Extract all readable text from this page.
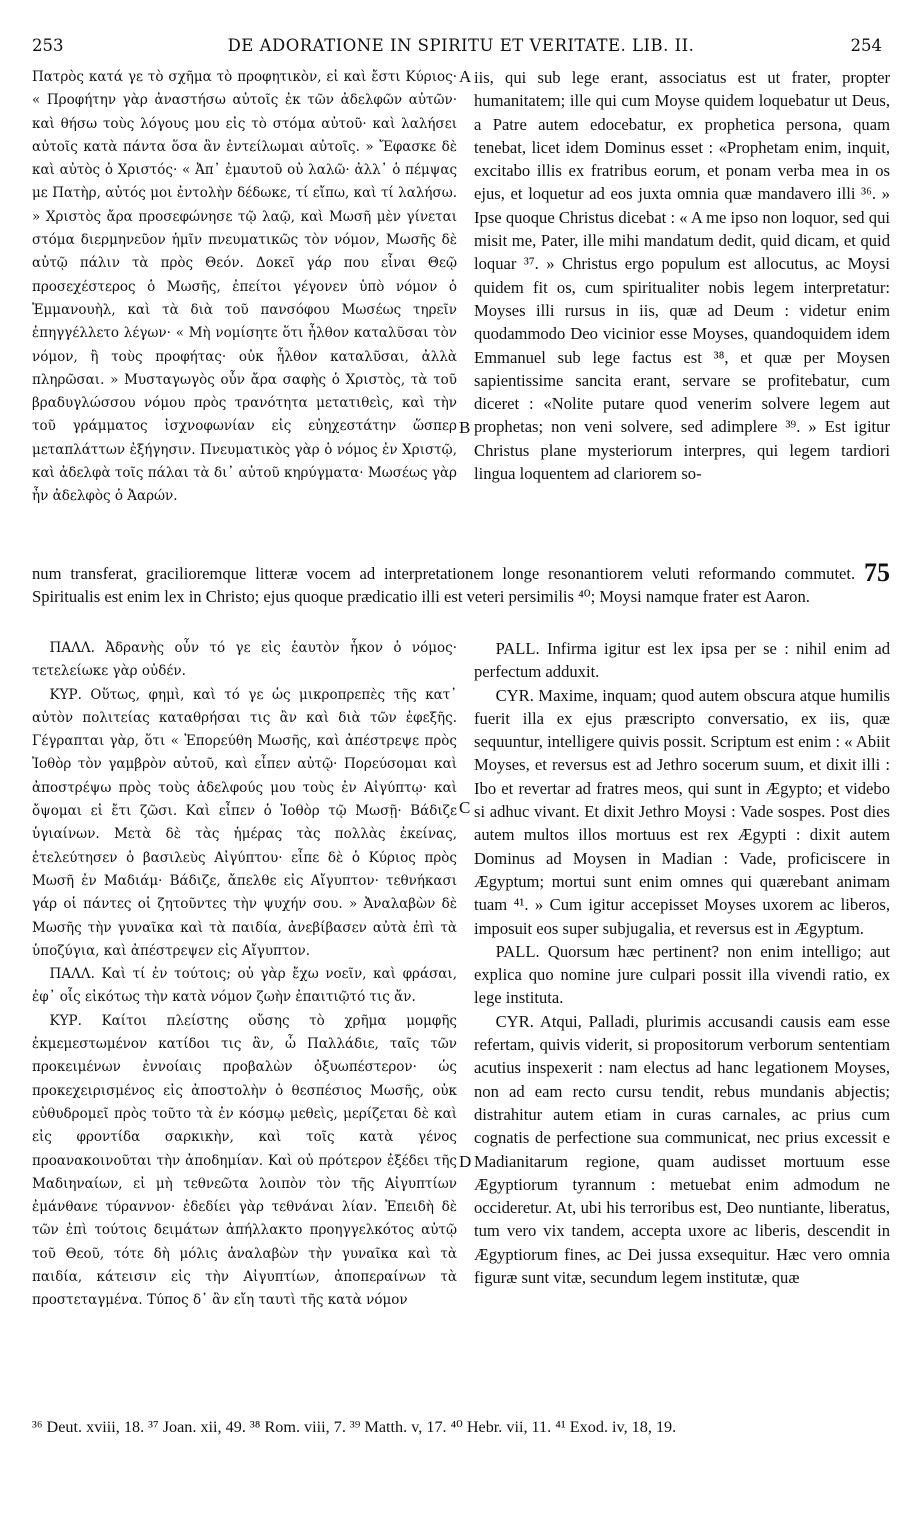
253	DE ADORATIONE IN SPIRITU ET VERITATE. LIB. II.	254

Πατρὸς κατά γε τὸ σχῆμα τὸ προφητικὸν, εἰ καὶ ἔστι Κύριος· « Προφήτην γὰρ ἀναστήσω αὐτοῖς ἐκ τῶν ἀδελφῶν αὐτῶν· καὶ θήσω τοὺς λόγους μου εἰς τὸ στόμα αὐτοῦ· καὶ λαλήσει αὐτοῖς κατὰ πάντα ὅσα ἂν ἐντείλωμαι αὐτοῖς. » Ἔφασκε δὲ καὶ αὐτὸς ὁ Χριστός· « Ἀπ᾽ ἐμαυτοῦ οὐ λαλῶ· ἀλλ᾽ ὁ πέμψας με Πατὴρ, αὐτός μοι ἐντολὴν δέδωκε, τί εἴπω, καὶ τί λαλήσω. » Χριστὸς ἄρα προσεφώνησε τῷ λαῷ, καὶ Μωσῆ μὲν γίνεται στόμα διερμηνεῦον ἡμῖν πνευματικῶς τὸν νόμον, Μωσῆς δὲ αὐτῷ πάλιν τὰ πρὸς Θεόν. Δοκεῖ γάρ που εἶναι Θεῷ προσεχέστερος ὁ Μωσῆς, ἐπείτοι γέγονεν ὑπὸ νόμον ὁ Ἐμμανουὴλ, καὶ τὰ διὰ τοῦ πανσόφου Μωσέως τηρεῖν ἐπηγγέλλετο λέγων· « Μὴ νομίσητε ὅτι ἦλθον καταλῦσαι τὸν νόμον, ἢ τοὺς προφήτας· οὐκ ἦλθον καταλῦσαι, ἀλλὰ πληρῶσαι. » Μυσταγωγὸς οὖν ἄρα σαφὴς ὁ Χριστὸς, τὰ τοῦ βραδυγλώσσου νόμου πρὸς τρανότητα μετατιθεὶς, καὶ τὴν τοῦ γράμματος ἰσχνοφωνίαν εἰς εὐηχεστάτην ὥσπερ μεταπλάττων ἐξήγησιν. Πνευματικὸς γὰρ ὁ νόμος ἐν Χριστῷ, καὶ ἀδελφὰ τοῖς πάλαι τὰ δι᾽ αὐτοῦ κηρύγματα· Μωσέως γὰρ ἦν ἀδελφὸς ὁ Ἀαρών.

iis, qui sub lege erant, associatus est ut frater, propter humanitatem; ille qui cum Moyse quidem loquebatur ut Deus, a Patre autem edocebatur, ex prophetica persona, quam tenebat, licet idem Dominus esset : «Prophetam enim, inquit, excitabo illis ex fratribus eorum, et ponam verba mea in os ejus, et loquetur ad eos juxta omnia quæ mandavero illi ³⁶. » Ipse quoque Christus dicebat : « A me ipso non loquor, sed qui misit me, Pater, ille mihi mandatum dedit, quid dicam, et quid loquar ³⁷. » Christus ergo populum est allocutus, ac Moysi quidem fit os, cum spiritualiter nobis legem interpretatur: Moyses illi rursus in iis, quæ ad Deum : videtur enim quodammodo Deo vicinior esse Moyses, quandoquidem idem Emmanuel sub lege factus est ³⁸, et quæ per Moysen sapientissime sancita erant, servare se profitebatur, cum diceret : «Nolite putare quod venerim solvere legem aut prophetas; non veni solvere, sed adimplere ³⁹. » Est igitur Christus plane mysteriorum interpres, qui legem tardiori lingua loquentem ad clariorem so-

num transferat, gracilioremque litteræ vocem ad interpretationem longe resonantiorem veluti reformando commutet. 75 Spiritualis est enim lex in Christo; ejus quoque prædicatio illi est veteri persimilis ⁴⁰; Moysi namque frater est Aaron.

ΠΑΛΛ. Ἀδρανὴς οὖν τό γε εἰς ἑαυτὸν ἧκον ὁ νόμος· τετελείωκε γὰρ οὐδέν.

ΚΥΡ. Οὕτως, φημὶ, καὶ τό γε ὡς μικροπρεπὲς τῆς κατ᾽ αὐτὸν πολιτείας καταθρήσαι τις ἂν καὶ διὰ τῶν ἐφεξῆς. Γέγραπται γὰρ, ὅτι « Ἐπορεύθη Μωσῆς, καὶ ἀπέστρεψε πρὸς Ἰοθὸρ τὸν γαμβρὸν αὐτοῦ, καὶ εἶπεν αὐτῷ· Πορεύσομαι καὶ ἀποστρέψω πρὸς τοὺς ἀδελφούς μου τοὺς ἐν Αἰγύπτῳ· καὶ ὄψομαι εἰ ἔτι ζῶσι. Καὶ εἶπεν ὁ Ἰοθὸρ τῷ Μωσῇ· Βάδιζε ὑγιαίνων. Μετὰ δὲ τὰς ἡμέρας τὰς πολλὰς ἐκείνας, ἐτελεύτησεν ὁ βασιλεὺς Αἰγύπτου· εἶπε δὲ ὁ Κύριος πρὸς Μωσῆ ἐν Μαδιάμ· Βάδιζε, ἄπελθε εἰς Αἴγυπτον· τεθνήκασι γάρ οἱ πάντες οἱ ζητοῦντες τὴν ψυχήν σου. » Ἀναλαβὼν δὲ Μωσῆς τὴν γυναῖκα καὶ τὰ παιδία, ἀνεβίβασεν αὐτὰ ἐπὶ τὰ ὑποζύγια, καὶ ἀπέστρεψεν εἰς Αἴγυπτον.

ΠΑΛΛ. Καὶ τί ἐν τούτοις; οὐ γὰρ ἔχω νοεῖν, καὶ φράσαι, ἐφ᾽ οἷς εἰκότως τὴν κατὰ νόμον ζωὴν ἐπαιτιῷτό τις ἄν.

ΚΥΡ. Καίτοι πλείστης οὔσης τὸ χρῆμα μομφῆς ἐκμεμεστωμένον κατίδοι τις ἂν, ὦ Παλλάδιε, ταῖς τῶν προκειμένων ἐννοίαις προβαλὼν ὀξυωπέστερον· ὡς προκεχειρισμένος εἰς ἀποστολὴν ὁ θεσπέσιος Μωσῆς, οὐκ εὐθυδρομεῖ πρὸς τοῦτο τὰ ἐν κόσμῳ μεθεὶς, μερίζεται δὲ καὶ εἰς φροντίδα σαρκικὴν, καὶ τοῖς κατὰ γένος προανακοινοῦται τὴν ἀποδημίαν. Καὶ οὐ πρότερον ἐξέδει τῆς Μαδιηναίων, εἰ μὴ τεθνεῶτα λοιπὸν τὸν τῆς Αἰγυπτίων ἐμάνθανε τύραννον· ἐδεδίει γὰρ τεθνάναι λίαν. Ἐπειδὴ δὲ τῶν ἐπὶ τούτοις δειμάτων ἀπήλλακτο προηγγελκότος αὐτῷ τοῦ Θεοῦ, τότε δὴ μόλις ἀναλαβὼν τὴν γυναῖκα καὶ τὰ παιδία, κάτεισιν εἰς τὴν Αἰγυπτίων, ἀποπεραίνων τὰ προστεταγμένα. Τύπος δ᾽ ἂν εἴη ταυτὶ τῆς κατὰ νόμον

PALL. Infirma igitur est lex ipsa per se : nihil enim ad perfectum adduxit.

CYR. Maxime, inquam; quod autem obscura atque humilis fuerit illa ex ejus præscripto conversatio, ex iis, quæ sequuntur, intelligere quivis possit. Scriptum est enim : « Abiit Moyses, et reversus est ad Jethro socerum suum, et dixit illi : Ibo et revertar ad fratres meos, qui sunt in Ægypto; et videbo si adhuc vivant. Et dixit Jethro Moysi : Vade sospes. Post dies autem multos illos mortuus est rex Ægypti : dixit autem Dominus ad Moysen in Madian : Vade, proficiscere in Ægyptum; mortui sunt enim omnes qui quærebant animam tuam ⁴¹. » Cum igitur accepisset Moyses uxorem ac liberos, imposuit eos super subjugalia, et reversus est in Ægyptum.

PALL. Quorsum hæc pertinent? non enim intelligo; aut explica quo nomine jure culpari possit illa vivendi ratio, ex lege instituta.

CYR. Atqui, Palladi, plurimis accusandi causis eam esse refertam, quivis viderit, si propositorum verborum sententiam acutius inspexerit : nam electus ad hanc legationem Moyses, non ad eam recto cursu tendit, rebus mundanis abjectis; distrahitur autem etiam in curas carnales, ac prius cum cognatis de perfectione sua communicat, nec prius excessit e Madianitarum regione, quam audisset mortuum esse Ægyptiorum tyrannum : metuebat enim admodum ne occideretur. At, ubi his terroribus est, Deo nuntiante, liberatus, tum vero vix tandem, accepta uxore ac liberis, descendit in Ægyptiorum fines, ac Dei jussa exsequitur. Hæc vero omnia figuræ sunt vitæ, secundum legem institutæ, quæ

A
B
C
D

³⁶ Deut. xviii, 18. ³⁷ Joan. xii, 49. ³⁸ Rom. viii, 7. ³⁹ Matth. v, 17. ⁴⁰ Hebr. vii, 11. ⁴¹ Exod. iv, 18, 19.
